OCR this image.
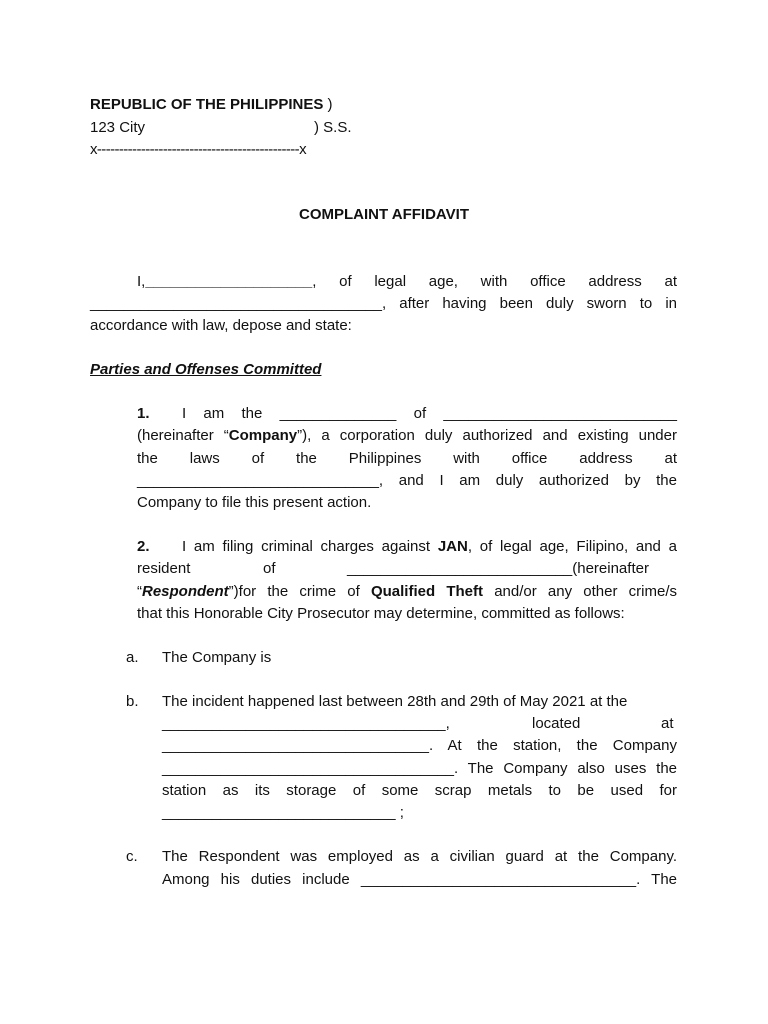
REPUBLIC OF THE PHILIPPINES )
123 City	) S.S.
x----------------------------------------------x
COMPLAINT AFFIDAVIT
I,____________________, of legal age, with office address at
___________________________________, after having been duly sworn to in
accordance with law, depose and state:
Parties and Offenses Committed
1. I am the ______________ of ____________________________
(hereinafter “Company”), a corporation duly authorized and existing under
the laws of the Philippines with office address at
_____________________________, and I am duly authorized by the
Company to file this present action.
2. I am filing criminal charges against JAN, of legal age, Filipino, and a
resident	of	___________________________(hereinafter
“Respondent”)for the crime of Qualified Theft and/or any other crime/s
that this Honorable City Prosecutor may determine, committed as follows:
a. The Company is
b. The incident happened last between 28th and 29th of May 2021 at the
__________________________________,	located	at
________________________________. At the station, the Company
___________________________________. The Company also uses the
station as its storage of some scrap metals to be used for
____________________________ ;
c. The Respondent was employed as a civilian guard at the Company.
Among his duties include _________________________________. The
